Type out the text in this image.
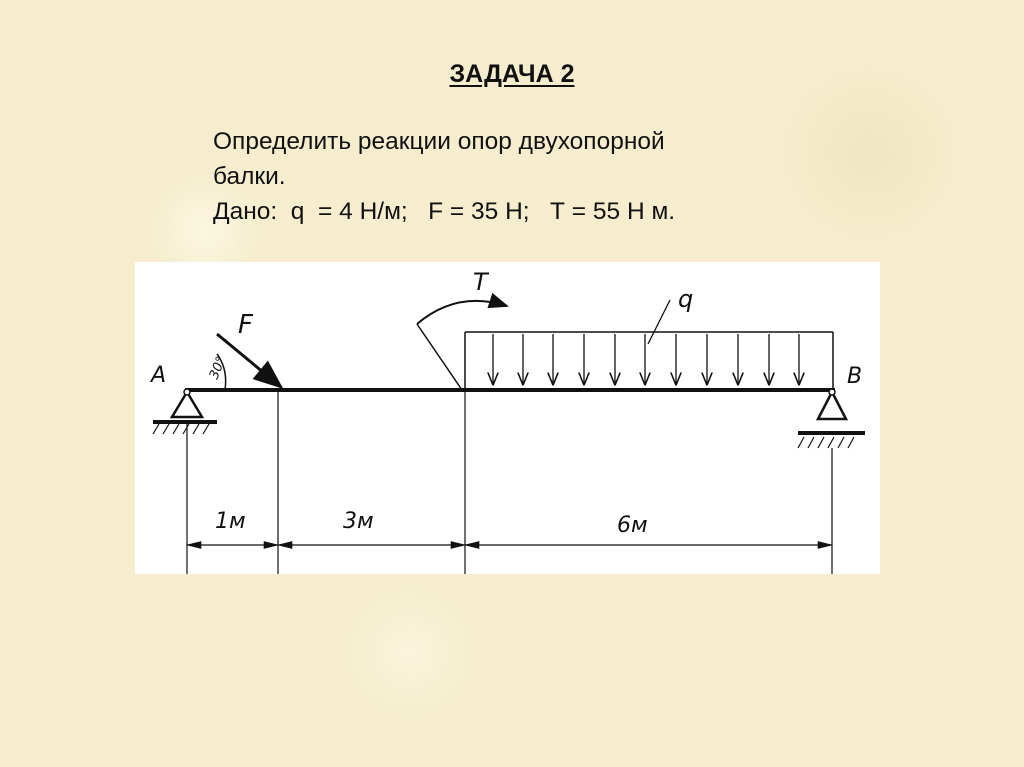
ЗАДАЧА 2
Определить реакции опор двухопорной
балки.
Дано:  q  = 4 Н/м;   F = 35 Н;   Т = 55 Н м.
A	B
F
30°
T
q
1м	3м	6м
